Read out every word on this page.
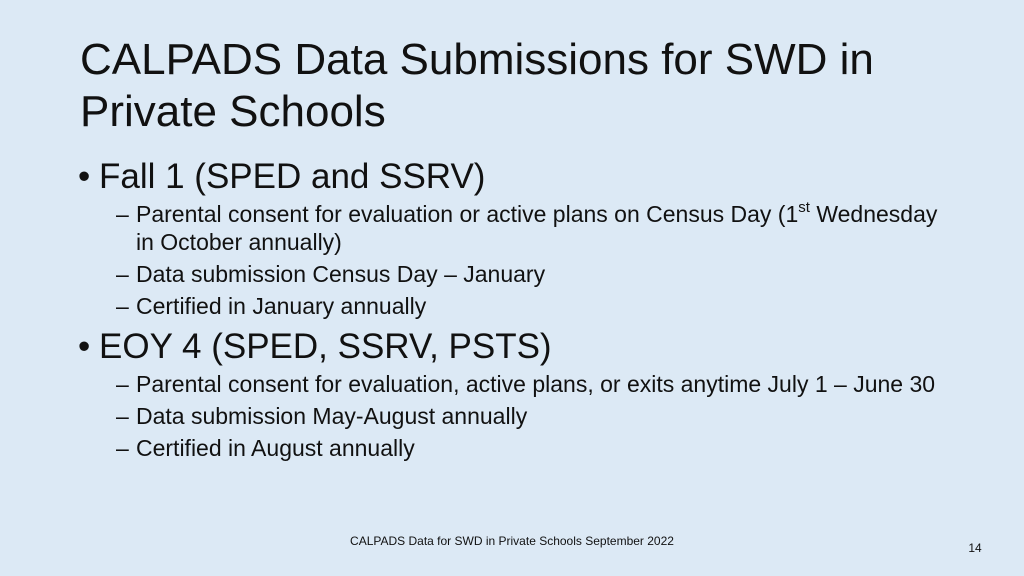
CALPADS Data Submissions for SWD in Private Schools
• Fall 1 (SPED and SSRV)
– Parental consent for evaluation or active plans on Census Day (1st Wednesday in October annually)
– Data submission Census Day – January
– Certified in January annually
• EOY 4 (SPED, SSRV, PSTS)
– Parental consent for evaluation, active plans, or exits anytime July 1 – June 30
– Data submission May-August annually
– Certified in August annually
CALPADS Data for SWD in Private Schools September 2022	14
